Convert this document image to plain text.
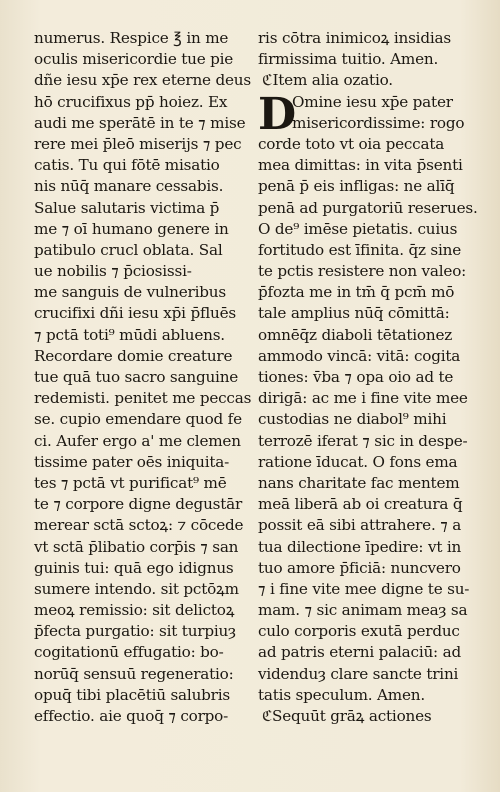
numerus. Respice ℥ in me
oculis misericordie tue pie
dñe iesu xp̄e rex eterne deus
hō crucifixus pp̄ hoiez. Ex
audi me sperātē in te ⁊ mise
rere mei p̄leō miserijs ⁊ pec
catis. Tu qui fōtē misatio
nis nūq̄ manare cessabis.
Salue salutaris victima p̄
me ⁊ oī humano genere in
patibulo crucl oblata. Sal
ue nobilis ⁊ p̄ciosissi-
me sanguis de vulneribus
crucifixi dñi iesu xp̄i p̄fluēs
⁊ pctā toti⁹ mūdi abluens.
Recordare domie creature
tue quā tuo sacro sanguine
redemisti. penitet me peccas
se. cupio emendare quod fe
ci. Aufer ergo a' me clemen
tissime pater oēs iniquita-
tes ⁊ pctā vt purificat⁹ mē
te ⁊ corpore digne degustār
merear sctā sctoꝝ: ⁊ cōcede
vt sctā p̄libatio corp̄is ⁊ san
guinis tui: quā ego idignus
sumere intendo. sit pctōꝝm
meoꝝ remissio: sit delictoꝝ
p̄fecta purgatio: sit turpiuȝ
cogitationū effugatio: bo-
norūq̄ sensuū regeneratio:
opuq̄ tibi placētiū salubris
effectio. aie quoq̄ ⁊ corpo-
ris cōtra inimicoꝝ insidias
firmissima tuitio. Amen.
ℭItem alia ozatio.
D
Omine iesu xp̄e pater
misericordissime: rogo
corde toto vt oia peccata
mea dimittas: in vita p̄senti
penā p̄ eis infligas: ne alīq̄
penā ad purgatoriū reserues.
O de⁹ imēse pietatis. cuius
fortitudo est īfinita. q̄z sine
te pctis resistere non valeo:
p̄fozta me in tm̄ q̄ pcm̄ mō
tale amplius nūq̄ cōmittā:
omnēq̄z diaboli tētationez
ammodo vincā: vitā: cogita
tiones: v̄ba ⁊ opa oio ad te
dirigā: ac me i fine vite mee
custodias ne diabol⁹ mihi
terrozē iferat ⁊ sic in despe-
ratione īducat. O fons ema
nans charitate fac mentem
meā liberā ab oi creatura q̄
possit eā sibi attrahere. ⁊ a
tua dilectione īpedire: vt in
tuo amore p̄ficiā: nuncvero
⁊ i fine vite mee digne te su-
mam. ⁊ sic animam meaȝ sa
culo corporis exutā perduc
ad patris eterni palaciū: ad
videnduȝ clare sancte trini
tatis speculum. Amen.
ℭSequūt grāꝝ actiones
